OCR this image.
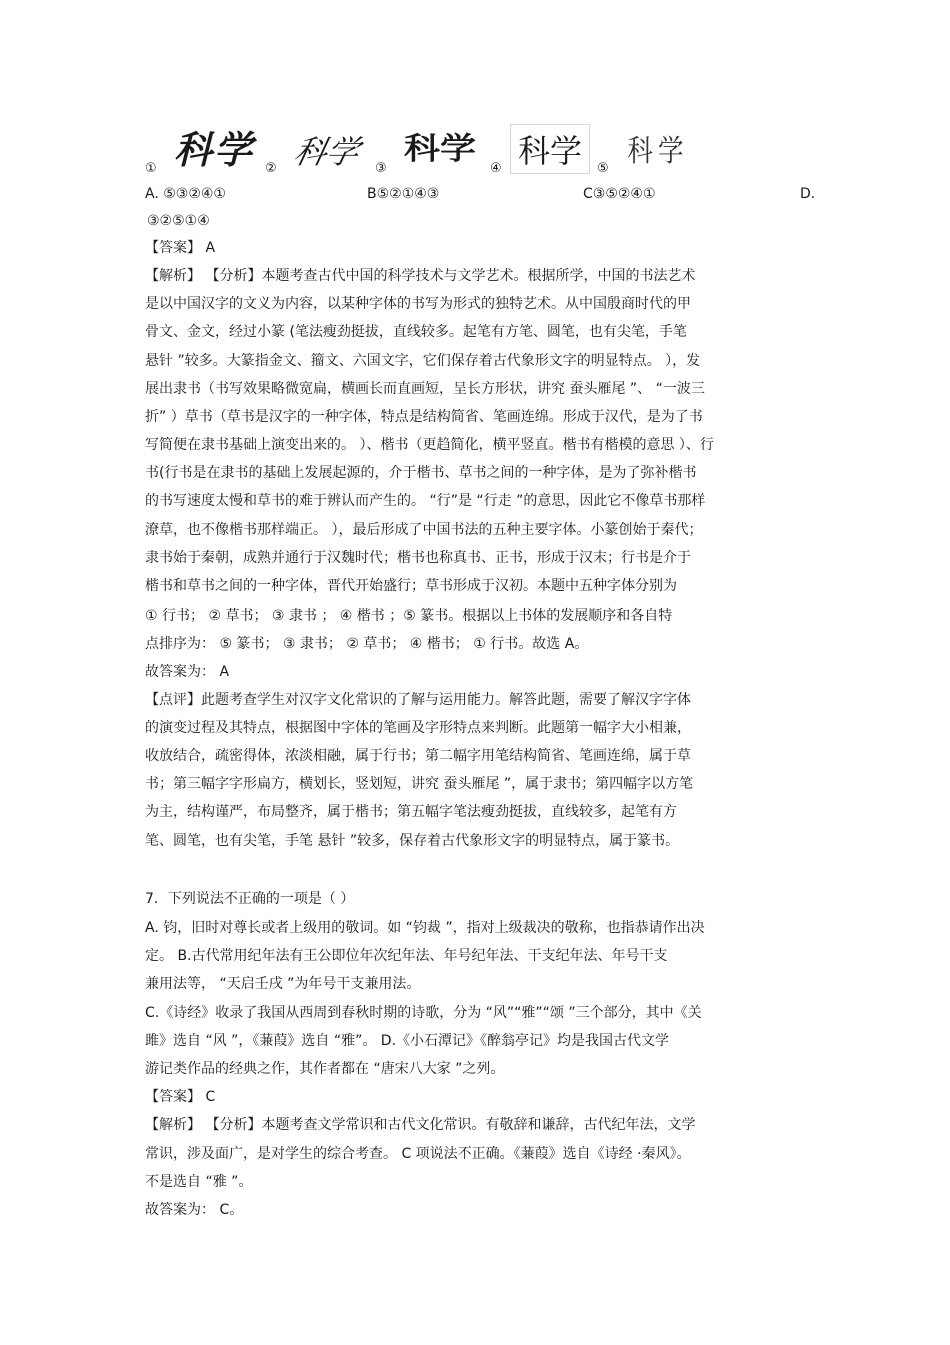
① 科学 ② 科学 ③
科学
④ 科学 ⑤ 科学
A. ⑤③②④①	B⑤②①④③	C③⑤②④①	D.
③②⑤①④
【答案】 A
【解析】 【分析】本题考查古代中国的科学技术与文学艺术。根据所学，中国的书法艺术
是以中国汉字的文义为内容，以某种字体的书写为形式的独特艺术。从中国殷商时代的甲
骨文、金文，经过小篆 (笔法瘦劲挺拔，直线较多。起笔有方笔、圆笔，也有尖笔，手笔
悬针 ”较多。大篆指金文、籀文、六国文字，它们保存着古代象形文字的明显特点。 ），发
展出隶书（书写效果略微宽扁，横画长而直画短，呈长方形状，讲究 蚕头雁尾 ”、 “一波三
折” ）草书（草书是汉字的一种字体，特点是结构简省、笔画连绵。形成于汉代，是为了书
写简便在隶书基础上演变出来的。 ）、楷书（更趋简化，横平竖直。楷书有楷模的意思 ）、行
书(行书是在隶书的基础上发展起源的，介于楷书、草书之间的一种字体，是为了弥补楷书
的书写速度太慢和草书的难于辨认而产生的。 “行”是 “行走 ”的意思，因此它不像草书那样
潦草，也不像楷书那样端正。 ），最后形成了中国书法的五种主要字体。小篆创始于秦代；
隶书始于秦朝，成熟并通行于汉魏时代；楷书也称真书、正书，形成于汉末；行书是介于
楷书和草书之间的一种字体，晋代开始盛行；草书形成于汉初。本题中五种字体分别为
① 行书； ② 草书； ③ 隶书 ； ④ 楷书 ；⑤ 篆书。根据以上书体的发展顺序和各自特
点排序为： ⑤ 篆书； ③ 隶书； ② 草书； ④ 楷书； ① 行书。故选 A。
故答案为： A
【点评】此题考查学生对汉字文化常识的了解与运用能力。解答此题，需要了解汉字字体
的演变过程及其特点，根据图中字体的笔画及字形特点来判断。此题第一幅字大小相兼，
收放结合，疏密得体，浓淡相融，属于行书；第二幅字用笔结构简省、笔画连绵，属于草
书；第三幅字字形扁方，横划长，竖划短，讲究 蚕头雁尾 ”，属于隶书；第四幅字以方笔
为主，结构谨严，布局整齐，属于楷书；第五幅字笔法瘦劲挺拔，直线较多，起笔有方
笔、圆笔，也有尖笔，手笔 悬针 ”较多，保存着古代象形文字的明显特点，属于篆书。
7．下列说法不正确的一项是（ ）
A. 钧，旧时对尊长或者上级用的敬词。如 “钧裁 ”，指对上级裁决的敬称，也指恭请作出决
定。 B.古代常用纪年法有王公即位年次纪年法、年号纪年法、干支纪年法、年号干支
兼用法等， “天启壬戌 ”为年号干支兼用法。
C.《诗经》收录了我国从西周到春秋时期的诗歌，分为 “风”“雅”“颂 ”三个部分，其中《关
雎》选自 “风 ”，《蒹葭》选自 “雅”。 D.《小石潭记》《醉翁亭记》均是我国古代文学
游记类作品的经典之作，其作者都在 “唐宋八大家 ”之列。
【答案】 C
【解析】 【分析】本题考查文学常识和古代文化常识。有敬辞和谦辞，古代纪年法，文学
常识，涉及面广，是对学生的综合考查。 C 项说法不正确。《蒹葭》选自《诗经 ·秦风》。
不是选自 “雅 ”。
故答案为： C。
